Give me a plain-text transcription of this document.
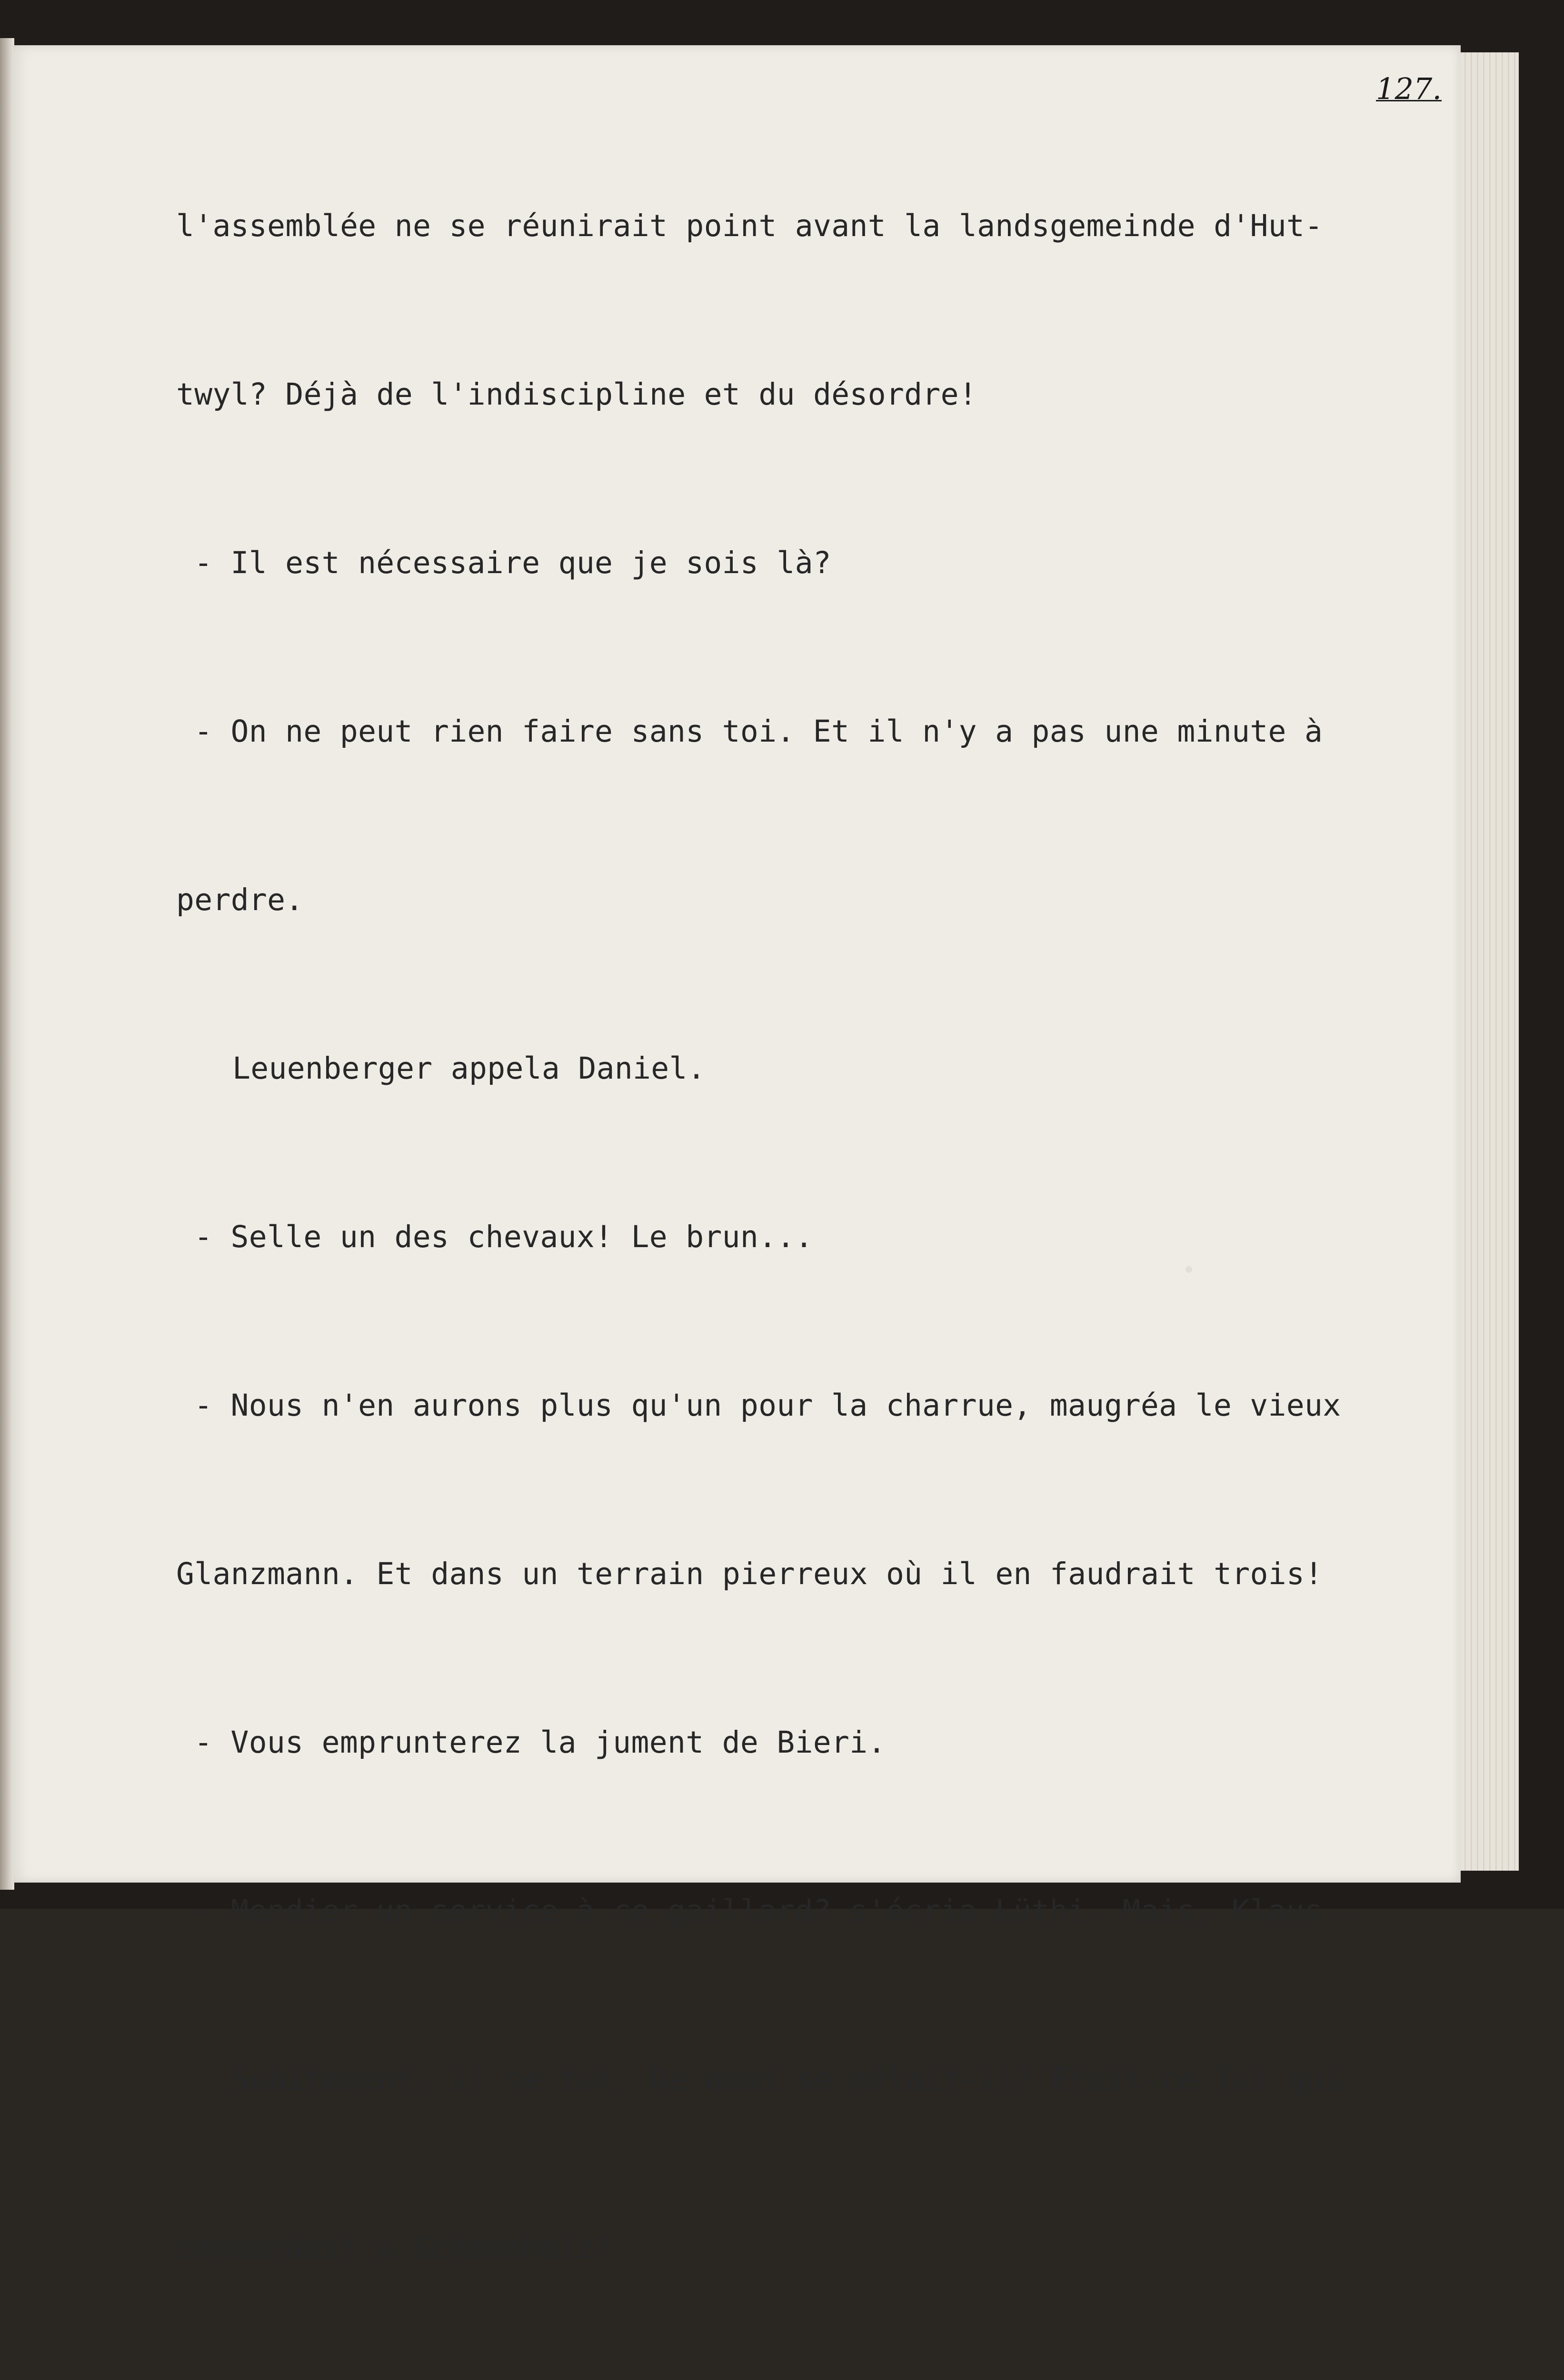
127.

l'assemblée ne se réunirait point avant la landsgemeinde d'Hut-

twyl? Déjà de l'indiscipline et du désordre!

- Il est nécessaire que je sois là?

- On ne peut rien faire sans toi. Et il n'y a pas une minute à

perdre.

Leuenberger appela Daniel.

- Selle un des chevaux! Le brun...

- Nous n'en aurons plus qu'un pour la charrue, maugréa le vieux

Glanzmann. Et dans un terrain pierreux où il en faudrait trois!

- Vous emprunterez la jument de Bieri.

- Mendier un service à ce gaillard? s'écria Lüthi. Mais, Klaus..

Subitement, il se tut. De quoi se mêlait-il? Etait-ce lui qui

commandait à Schoenholz?
